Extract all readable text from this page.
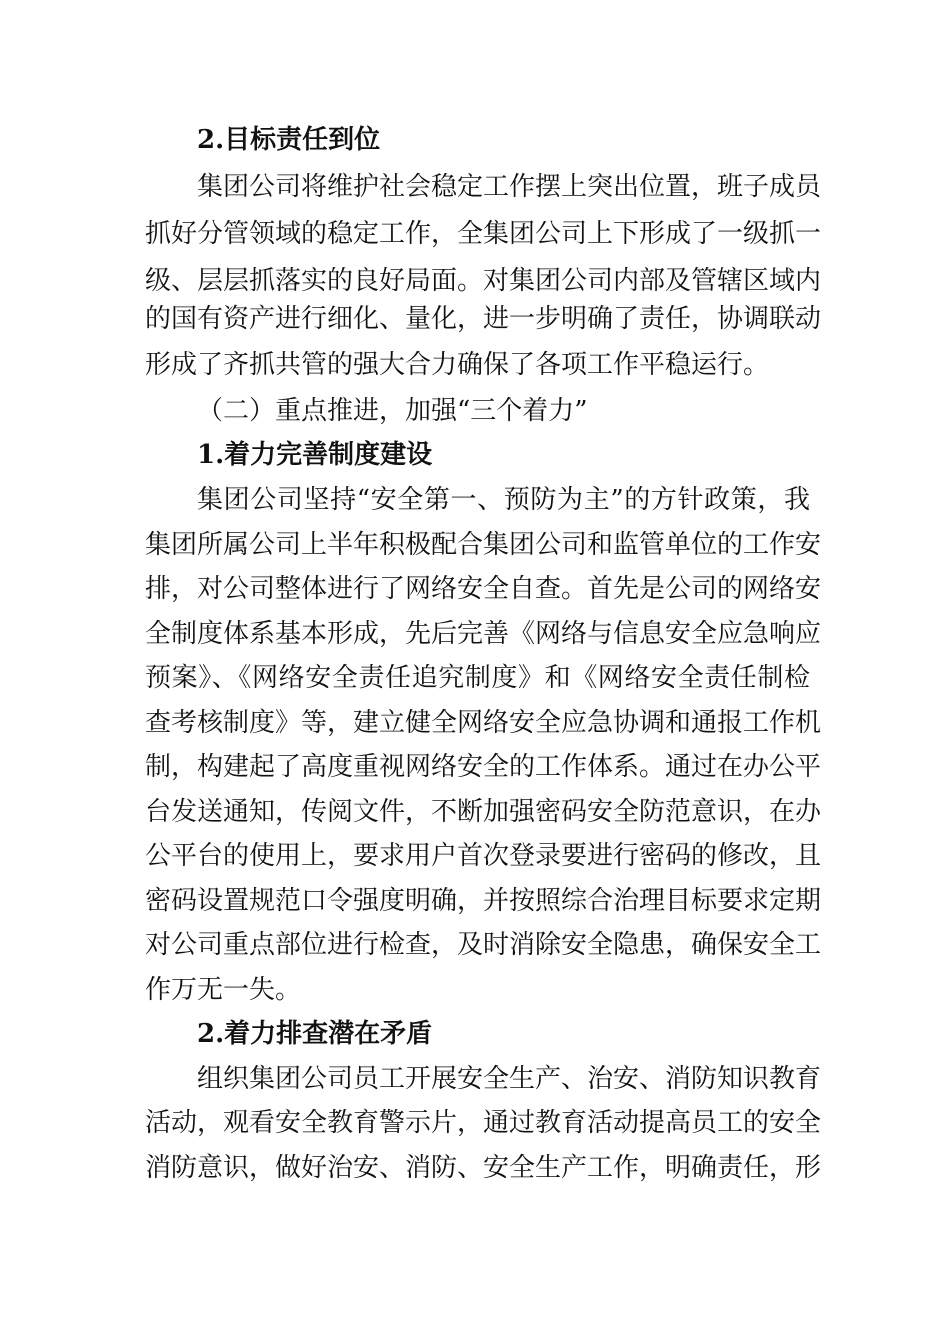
2.目标责任到位
集团公司将维护社会稳定工作摆上突出位置，班子成员
抓好分管领域的稳定工作，全集团公司上下形成了一级抓一
级、层层抓落实的良好局面。对集团公司内部及管辖区域内
的国有资产进行细化、量化，进一步明确了责任，协调联动
形成了齐抓共管的强大合力确保了各项工作平稳运行。
（二）重点推进，加强“三个着力”
1.着力完善制度建设
集团公司坚持“安全第一、预防为主”的方针政策，我
集团所属公司上半年积极配合集团公司和监管单位的工作安
排，对公司整体进行了网络安全自查。首先是公司的网络安
全制度体系基本形成，先后完善《网络与信息安全应急响应
预案》、《网络安全责任追究制度》和《网络安全责任制检
查考核制度》等，建立健全网络安全应急协调和通报工作机
制，构建起了高度重视网络安全的工作体系。通过在办公平
台发送通知，传阅文件，不断加强密码安全防范意识，在办
公平台的使用上，要求用户首次登录要进行密码的修改，且
密码设置规范口令强度明确，并按照综合治理目标要求定期
对公司重点部位进行检查，及时消除安全隐患，确保安全工
作万无一失。
2.着力排查潜在矛盾
组织集团公司员工开展安全生产、治安、消防知识教育
活动，观看安全教育警示片，通过教育活动提高员工的安全
消防意识，做好治安、消防、安全生产工作，明确责任，形
